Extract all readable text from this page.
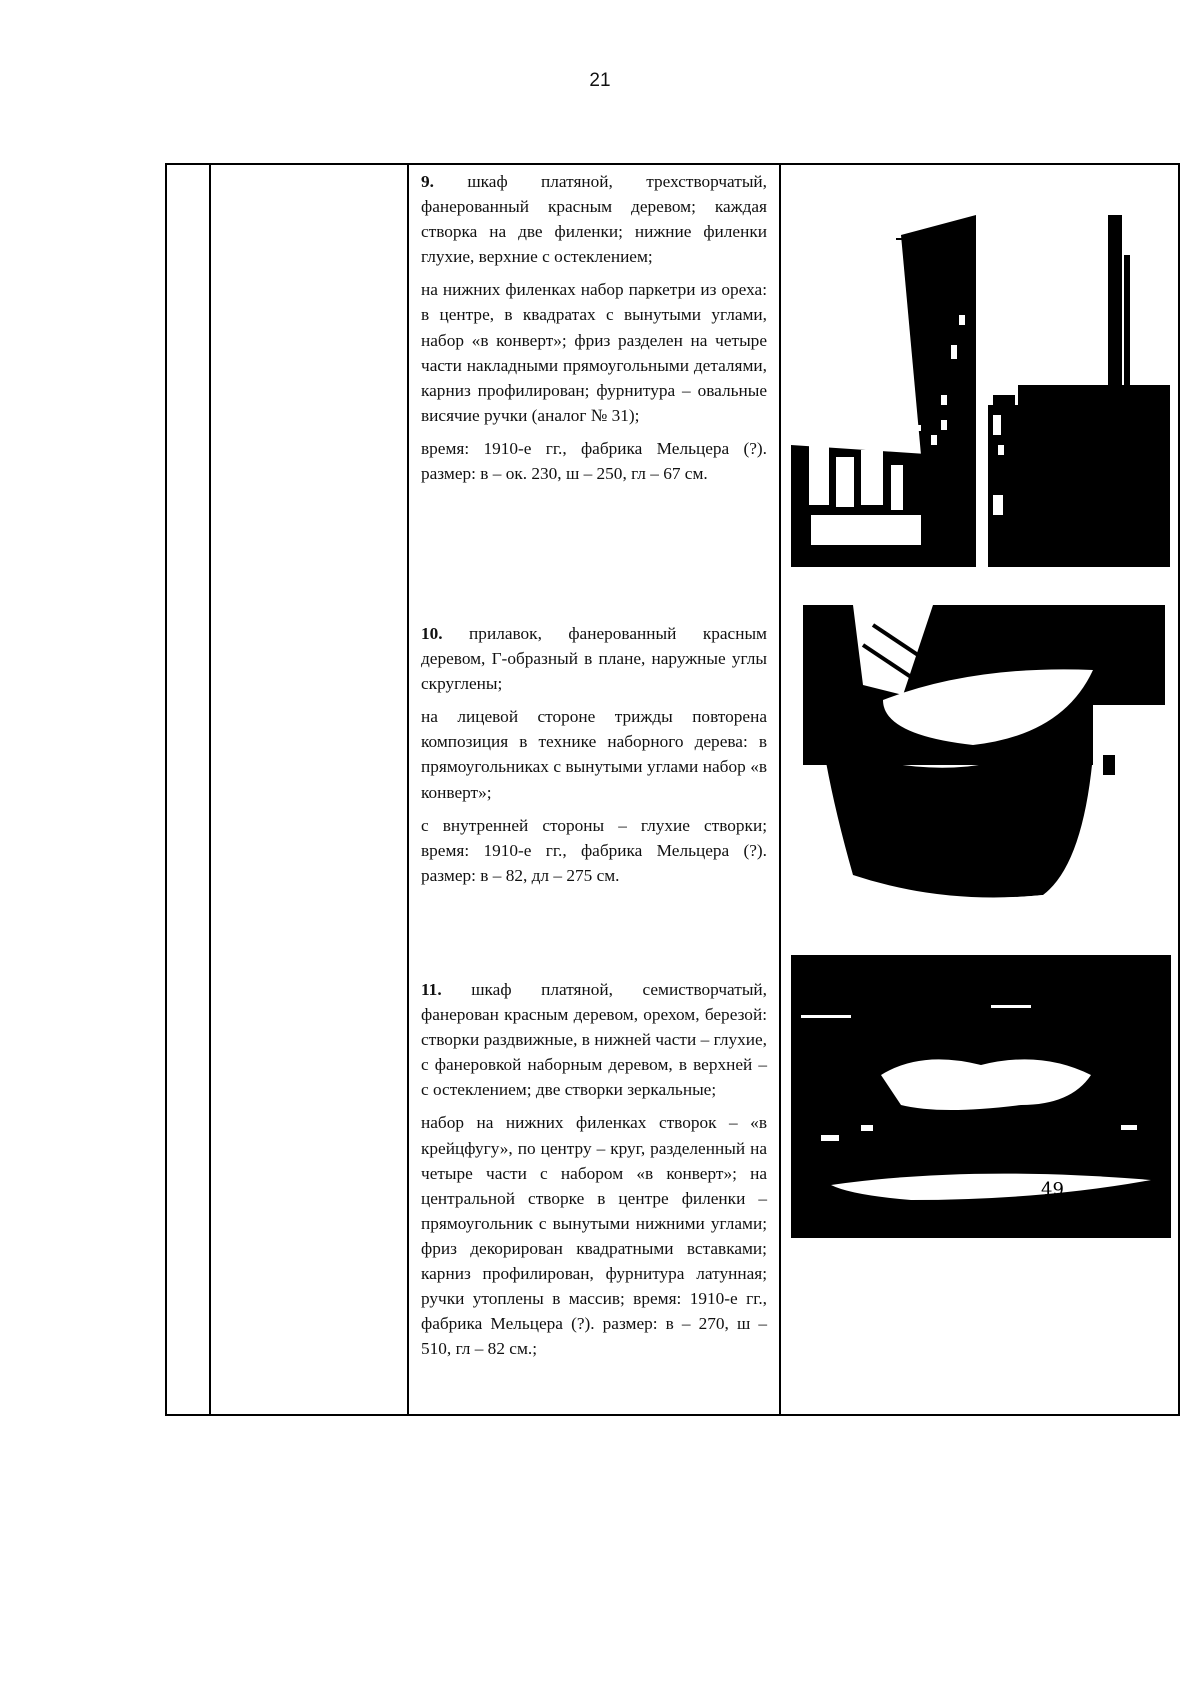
21

9. шкаф платяной, трехстворчатый, фанерованный красным деревом; каждая створка на две филенки; нижние филенки глухие, верхние с остеклением;

на нижних филенках набор паркетри из ореха: в центре, в квадратах с вынутыми углами, набор «в конверт»; фриз разделен на четыре части накладными прямоугольными деталями, карниз профилирован; фурнитура – овальные висячие ручки (аналог № 31);

время: 1910-е гг., фабрика Мельцера (?). размер: в – ок. 230, ш – 250, гл – 67 см.

10. прилавок, фанерованный красным деревом, Г-образный в плане, наружные углы скруглены;

на лицевой стороне трижды повторена композиция в технике наборного дерева: в прямоугольниках с вынутыми углами набор «в конверт»;

с внутренней стороны – глухие створки; время: 1910-е гг., фабрика Мельцера (?). размер: в – 82, дл – 275 см.

11. шкаф платяной, семистворчатый, фанерован красным деревом, орехом, березой: створки раздвижные, в нижней части – глухие, с фанеровкой наборным деревом, в верхней – с остеклением; две створки зеркальные;

набор на нижних филенках створок – «в крейцфугу», по центру – круг, разделенный на четыре части с набором «в конверт»; на центральной створке в центре филенки – прямоугольник с вынутыми нижними углами; фриз декорирован квадратными вставками; карниз профилирован, фурнитура латунная; ручки утоплены в массив; время: 1910-е гг., фабрика Мельцера (?). размер: в – 270, ш – 510, гл – 82 см.;

49
